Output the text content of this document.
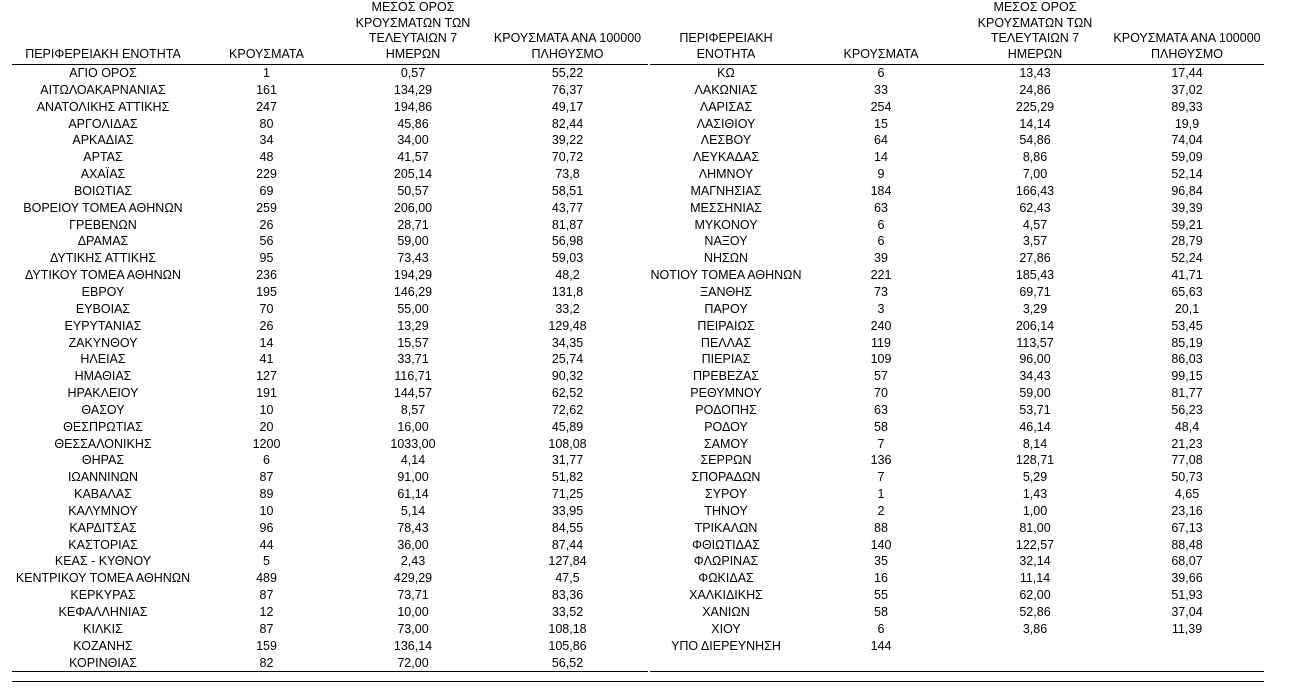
ΠΕΡΙΦΕΡΕΙΑΚΗ ΕΝΟΤΗΤΑ	ΚΡΟΥΣΜΑΤΑ	ΜΕΣΟΣ ΟΡΟΣ ΚΡΟΥΣΜΑΤΩΝ ΤΩΝ ΤΕΛΕΥΤΑΙΩΝ 7 ΗΜΕΡΩΝ	ΚΡΟΥΣΜΑΤΑ ΑΝΑ 100000 ΠΛΗΘΥΣΜΟ
ΑΓΙΟ ΟΡΟΣ	1	0,57	55,22
ΑΙΤΩΛΟΑΚΑΡΝΑΝΙΑΣ	161	134,29	76,37
ΑΝΑΤΟΛΙΚΗΣ ΑΤΤΙΚΗΣ	247	194,86	49,17
ΑΡΓΟΛΙΔΑΣ	80	45,86	82,44
ΑΡΚΑΔΙΑΣ	34	34,00	39,22
ΑΡΤΑΣ	48	41,57	70,72
ΑΧΑΪΑΣ	229	205,14	73,8
ΒΟΙΩΤΙΑΣ	69	50,57	58,51
ΒΟΡΕΙΟΥ ΤΟΜΕΑ ΑΘΗΝΩΝ	259	206,00	43,77
ΓΡΕΒΕΝΩΝ	26	28,71	81,87
ΔΡΑΜΑΣ	56	59,00	56,98
ΔΥΤΙΚΗΣ ΑΤΤΙΚΗΣ	95	73,43	59,03
ΔΥΤΙΚΟΥ ΤΟΜΕΑ ΑΘΗΝΩΝ	236	194,29	48,2
ΕΒΡΟΥ	195	146,29	131,8
ΕΥΒΟΙΑΣ	70	55,00	33,2
ΕΥΡΥΤΑΝΙΑΣ	26	13,29	129,48
ΖΑΚΥΝΘΟΥ	14	15,57	34,35
ΗΛΕΙΑΣ	41	33,71	25,74
ΗΜΑΘΙΑΣ	127	116,71	90,32
ΗΡΑΚΛΕΙΟΥ	191	144,57	62,52
ΘΑΣΟΥ	10	8,57	72,62
ΘΕΣΠΡΩΤΙΑΣ	20	16,00	45,89
ΘΕΣΣΑΛΟΝΙΚΗΣ	1200	1033,00	108,08
ΘΗΡΑΣ	6	4,14	31,77
ΙΩΑΝΝΙΝΩΝ	87	91,00	51,82
ΚΑΒΑΛΑΣ	89	61,14	71,25
ΚΑΛΥΜΝΟΥ	10	5,14	33,95
ΚΑΡΔΙΤΣΑΣ	96	78,43	84,55
ΚΑΣΤΟΡΙΑΣ	44	36,00	87,44
ΚΕΑΣ - ΚΥΘΝΟΥ	5	2,43	127,84
ΚΕΝΤΡΙΚΟΥ ΤΟΜΕΑ ΑΘΗΝΩΝ	489	429,29	47,5
ΚΕΡΚΥΡΑΣ	87	73,71	83,36
ΚΕΦΑΛΛΗΝΙΑΣ	12	10,00	33,52
ΚΙΛΚΙΣ	87	73,00	108,18
ΚΟΖΑΝΗΣ	159	136,14	105,86
ΚΟΡΙΝΘΙΑΣ	82	72,00	56,52
ΠΕΡΙΦΕΡΕΙΑΚΗ ΕΝΟΤΗΤΑ	ΚΡΟΥΣΜΑΤΑ	ΜΕΣΟΣ ΟΡΟΣ ΚΡΟΥΣΜΑΤΩΝ ΤΩΝ ΤΕΛΕΥΤΑΙΩΝ 7 ΗΜΕΡΩΝ	ΚΡΟΥΣΜΑΤΑ ΑΝΑ 100000 ΠΛΗΘΥΣΜΟ
ΚΩ	6	13,43	17,44
ΛΑΚΩΝΙΑΣ	33	24,86	37,02
ΛΑΡΙΣΑΣ	254	225,29	89,33
ΛΑΣΙΘΙΟΥ	15	14,14	19,9
ΛΕΣΒΟΥ	64	54,86	74,04
ΛΕΥΚΑΔΑΣ	14	8,86	59,09
ΛΗΜΝΟΥ	9	7,00	52,14
ΜΑΓΝΗΣΙΑΣ	184	166,43	96,84
ΜΕΣΣΗΝΙΑΣ	63	62,43	39,39
ΜΥΚΟΝΟΥ	6	4,57	59,21
ΝΑΞΟΥ	6	3,57	28,79
ΝΗΣΩΝ	39	27,86	52,24
ΝΟΤΙΟΥ ΤΟΜΕΑ ΑΘΗΝΩΝ	221	185,43	41,71
ΞΑΝΘΗΣ	73	69,71	65,63
ΠΑΡΟΥ	3	3,29	20,1
ΠΕΙΡΑΙΩΣ	240	206,14	53,45
ΠΕΛΛΑΣ	119	113,57	85,19
ΠΙΕΡΙΑΣ	109	96,00	86,03
ΠΡΕΒΕΖΑΣ	57	34,43	99,15
ΡΕΘΥΜΝΟΥ	70	59,00	81,77
ΡΟΔΟΠΗΣ	63	53,71	56,23
ΡΟΔΟΥ	58	46,14	48,4
ΣΑΜΟΥ	7	8,14	21,23
ΣΕΡΡΩΝ	136	128,71	77,08
ΣΠΟΡΑΔΩΝ	7	5,29	50,73
ΣΥΡΟΥ	1	1,43	4,65
ΤΗΝΟΥ	2	1,00	23,16
ΤΡΙΚΑΛΩΝ	88	81,00	67,13
ΦΘΙΩΤΙΔΑΣ	140	122,57	88,48
ΦΛΩΡΙΝΑΣ	35	32,14	68,07
ΦΩΚΙΔΑΣ	16	11,14	39,66
ΧΑΛΚΙΔΙΚΗΣ	55	62,00	51,93
ΧΑΝΙΩΝ	58	52,86	37,04
ΧΙΟΥ	6	3,86	11,39
ΥΠΟ ΔΙΕΡΕΥΝΗΣΗ	144		
